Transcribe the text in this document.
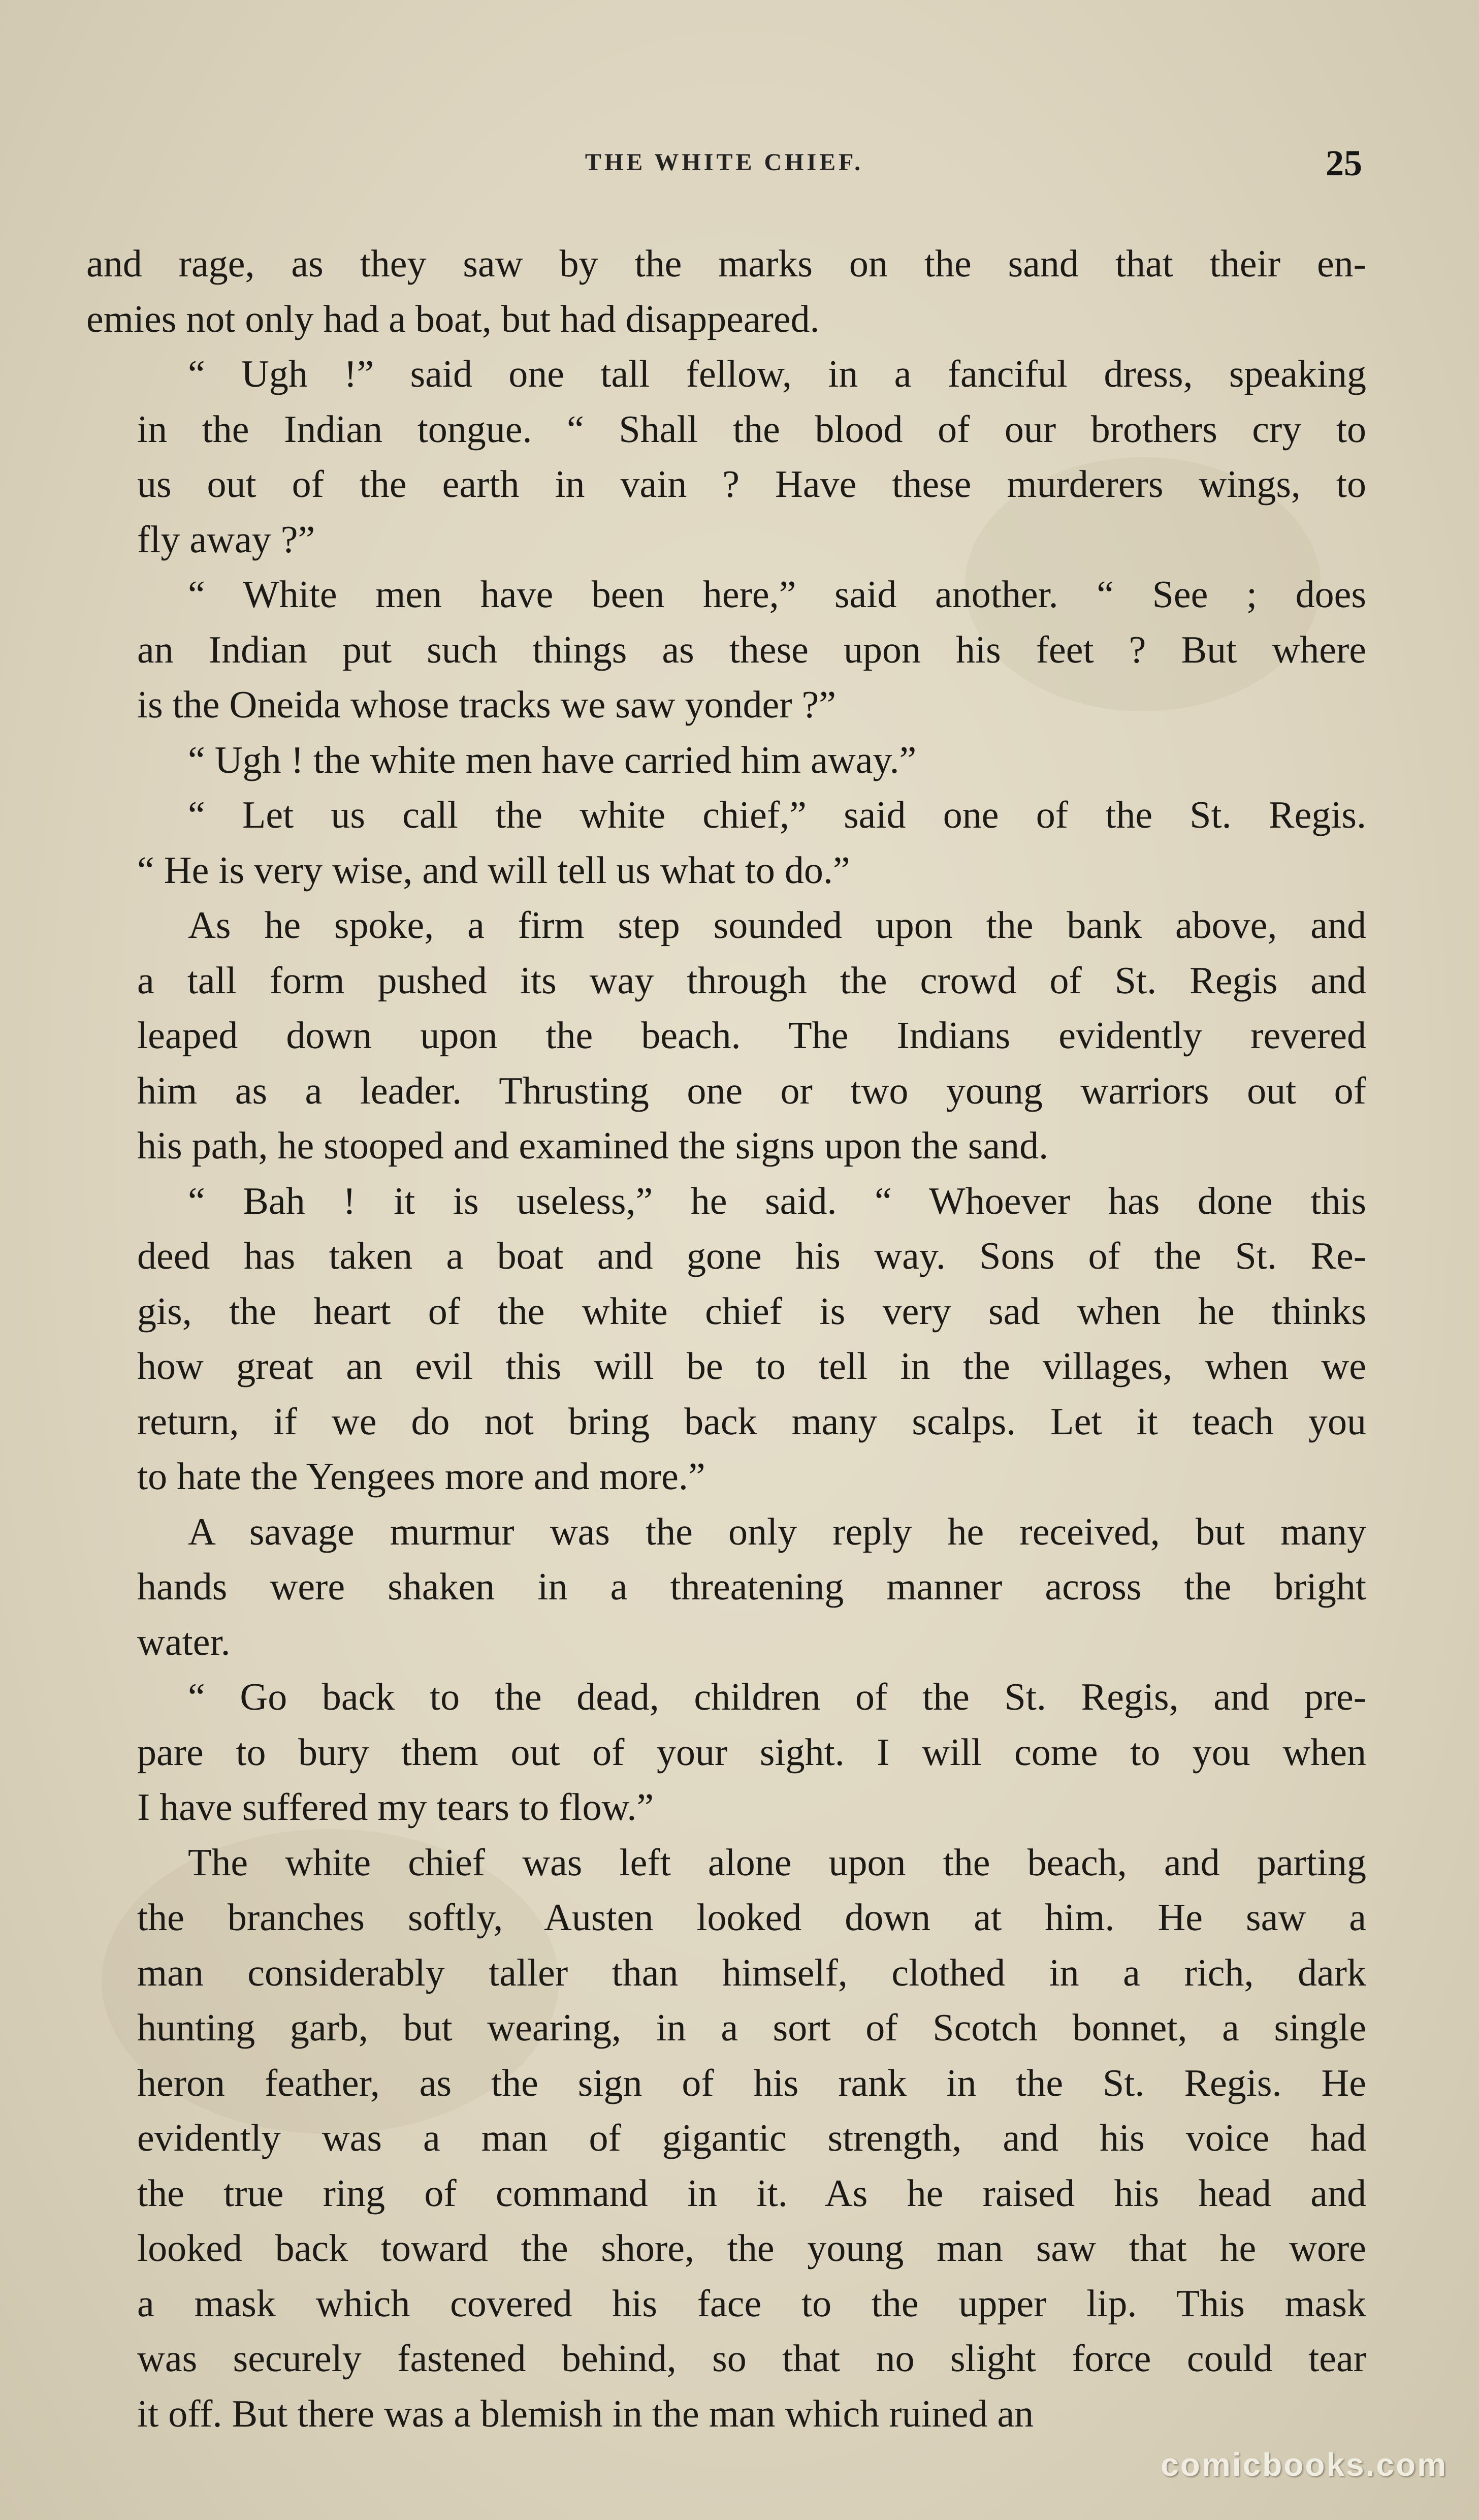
THE WHITE CHIEF.	25
and rage, as they saw by the marks on the sand that their en-
emies not only had a boat, but had disappeared.
“ Ugh !” said one tall fellow, in a fanciful dress, speaking
in the Indian tongue. “ Shall the blood of our brothers cry to
us out of the earth in vain ? Have these murderers wings, to
fly away ?”
“ White men have been here,” said another. “ See ; does
an Indian put such things as these upon his feet ? But where
is the Oneida whose tracks we saw yonder ?”
“ Ugh ! the white men have carried him away.”
“ Let us call the white chief,” said one of the St. Regis.
“ He is very wise, and will tell us what to do.”
As he spoke, a firm step sounded upon the bank above, and
a tall form pushed its way through the crowd of St. Regis and
leaped down upon the beach. The Indians evidently revered
him as a leader. Thrusting one or two young warriors out of
his path, he stooped and examined the signs upon the sand.
“ Bah ! it is useless,” he said. “ Whoever has done this
deed has taken a boat and gone his way. Sons of the St. Re-
gis, the heart of the white chief is very sad when he thinks
how great an evil this will be to tell in the villages, when we
return, if we do not bring back many scalps. Let it teach you
to hate the Yengees more and more.”
A savage murmur was the only reply he received, but many
hands were shaken in a threatening manner across the bright
water.
“ Go back to the dead, children of the St. Regis, and pre-
pare to bury them out of your sight. I will come to you when
I have suffered my tears to flow.”
The white chief was left alone upon the beach, and parting
the branches softly, Austen looked down at him. He saw a
man considerably taller than himself, clothed in a rich, dark
hunting garb, but wearing, in a sort of Scotch bonnet, a single
heron feather, as the sign of his rank in the St. Regis. He
evidently was a man of gigantic strength, and his voice had
the true ring of command in it. As he raised his head and
looked back toward the shore, the young man saw that he wore
a mask which covered his face to the upper lip. This mask
was securely fastened behind, so that no slight force could tear
it off. But there was a blemish in the man which ruined an
comicbooks.com
